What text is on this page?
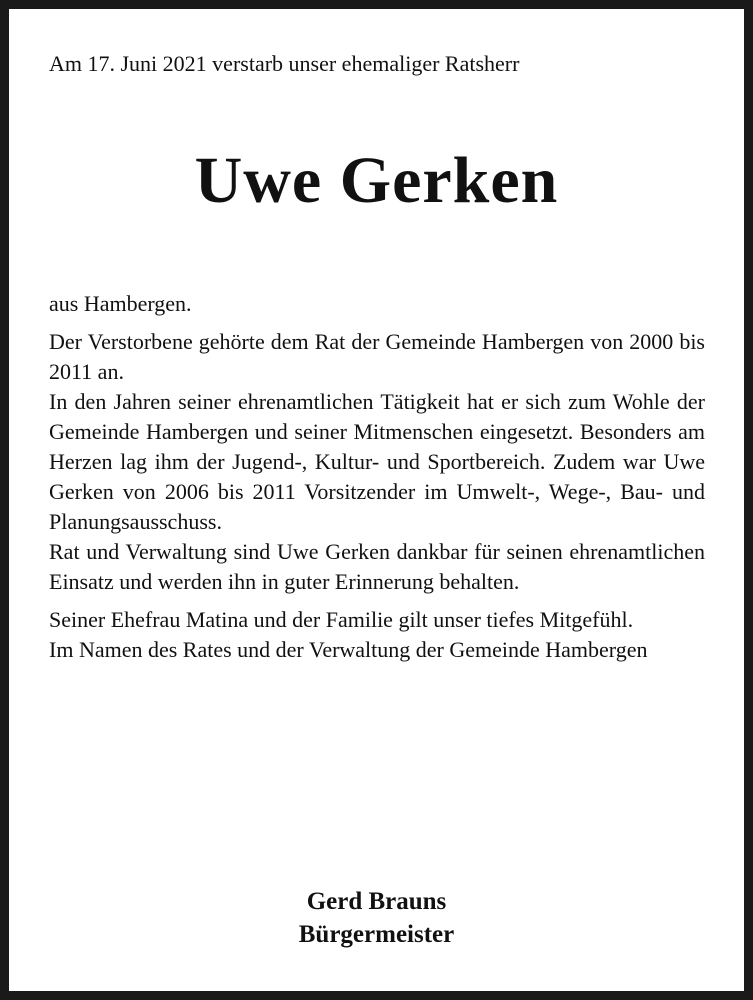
Am 17. Juni 2021 verstarb unser ehemaliger Ratsherr
Uwe Gerken

aus Hambergen.

Der Verstorbene gehörte dem Rat der Gemeinde Hambergen von 2000 bis 2011 an.

In den Jahren seiner ehrenamtlichen Tätigkeit hat er sich zum Wohle der Gemeinde Hambergen und seiner Mitmenschen eingesetzt. Besonders am Herzen lag ihm der Jugend-, Kultur- und Sportbereich. Zudem war Uwe Gerken von 2006 bis 2011 Vorsitzender im Umwelt-, Wege-, Bau- und Planungsausschuss.

Rat und Verwaltung sind Uwe Gerken dankbar für seinen ehrenamtlichen Einsatz und werden ihn in guter Erinnerung behalten.

Seiner Ehefrau Matina und der Familie gilt unser tiefes Mitgefühl.

Im Namen des Rates und der Verwaltung der Gemeinde Hambergen

Gerd Brauns
Bürgermeister
